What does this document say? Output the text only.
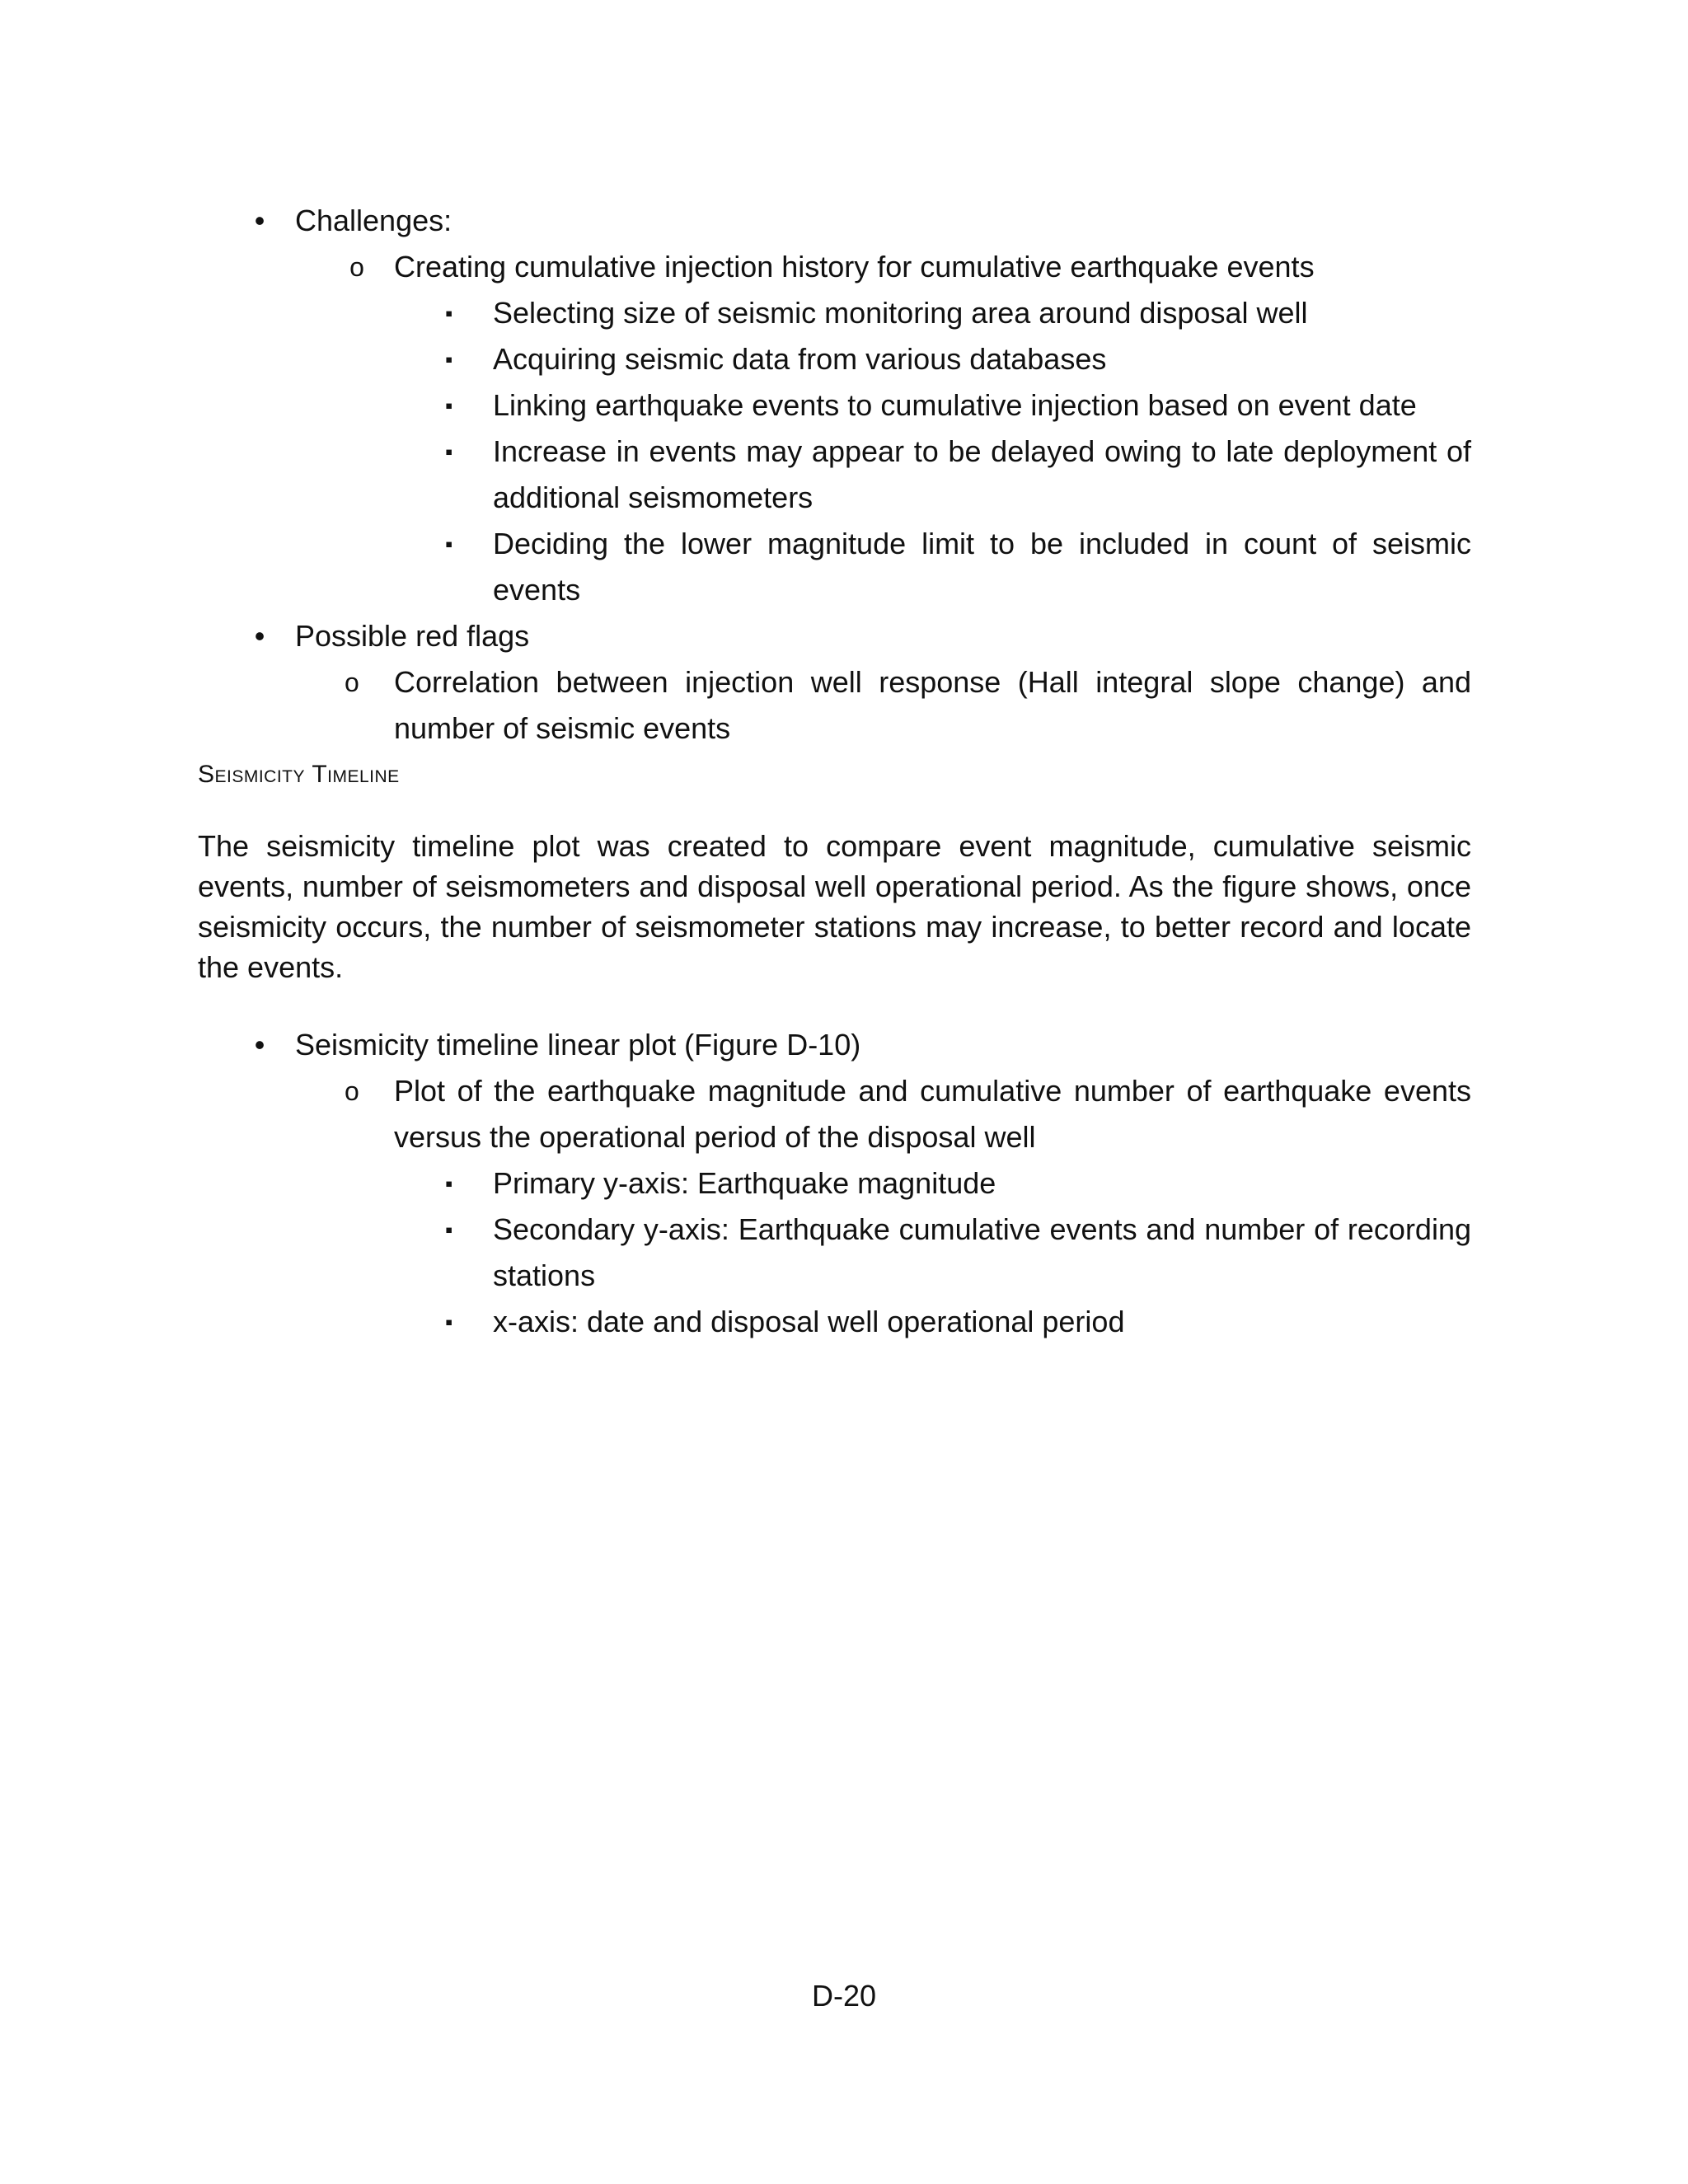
• Challenges:
o Creating cumulative injection history for cumulative earthquake events
▪	Selecting size of seismic monitoring area around disposal well
▪	Acquiring seismic data from various databases
▪	Linking earthquake events to cumulative injection based on event date
▪	Increase in events may appear to be delayed owing to late deployment of additional seismometers
▪	Deciding the lower magnitude limit to be included in count of seismic events
• Possible red flags
o	Correlation between injection well response (Hall integral slope change) and number of seismic events
Seismicity Timeline
The seismicity timeline plot was created to compare event magnitude, cumulative seismic events, number of seismometers and disposal well operational period. As the figure shows, once seismicity occurs, the number of seismometer stations may increase, to better record and locate the events.
• Seismicity timeline linear plot (Figure D-10)
o	Plot of the earthquake magnitude and cumulative number of earthquake events versus the operational period of the disposal well
▪	Primary y-axis: Earthquake magnitude
▪	Secondary y-axis: Earthquake cumulative events and number of recording stations
▪	x-axis: date and disposal well operational period
D-20
